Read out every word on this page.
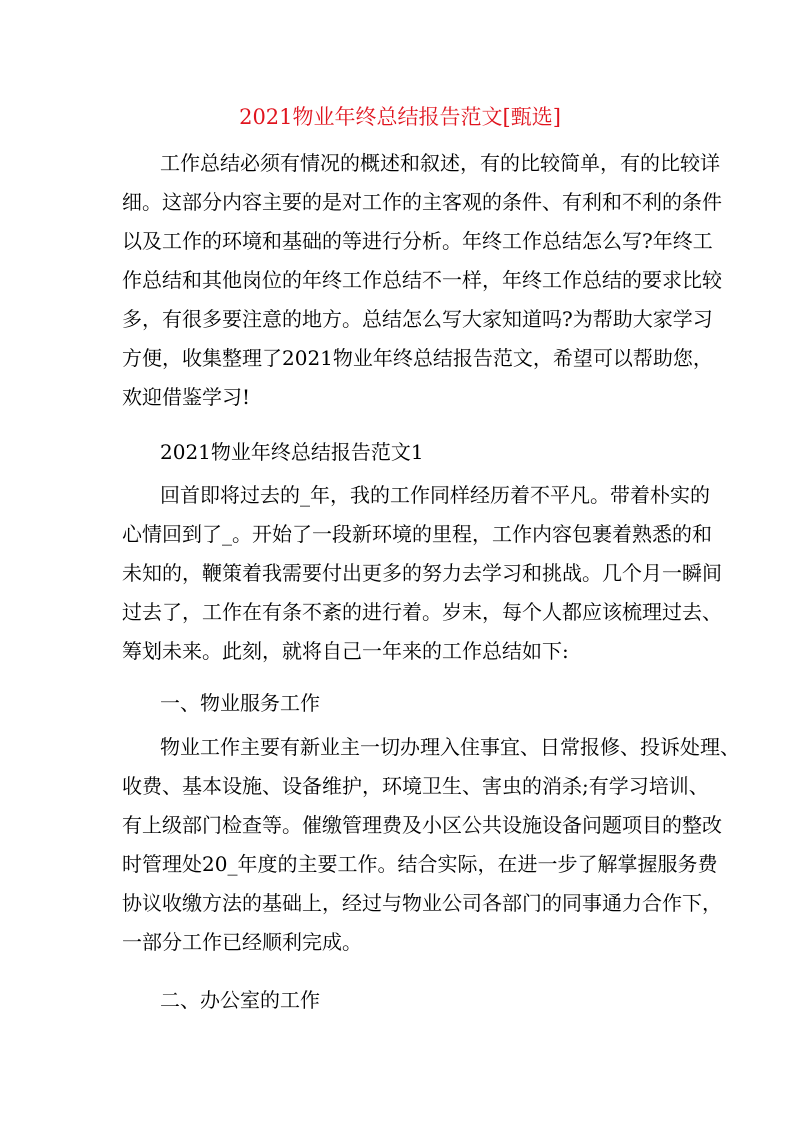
2021物业年终总结报告范文[甄选]

工作总结必须有情况的概述和叙述，有的比较简单，有的比较详

细。这部分内容主要的是对工作的主客观的条件、有利和不利的条件

以及工作的环境和基础的等进行分析。年终工作总结怎么写?年终工

作总结和其他岗位的年终工作总结不一样，年终工作总结的要求比较

多，有很多要注意的地方。总结怎么写大家知道吗?为帮助大家学习

方便，收集整理了2021物业年终总结报告范文，希望可以帮助您，

欢迎借鉴学习!

2021物业年终总结报告范文1

回首即将过去的_年，我的工作同样经历着不平凡。带着朴实的

心情回到了_。开始了一段新环境的里程，工作内容包裹着熟悉的和

未知的，鞭策着我需要付出更多的努力去学习和挑战。几个月一瞬间

过去了，工作在有条不紊的进行着。岁末，每个人都应该梳理过去、

筹划未来。此刻，就将自己一年来的工作总结如下:

一、物业服务工作

物业工作主要有新业主一切办理入住事宜、日常报修、投诉处理、

收费、基本设施、设备维护，环境卫生、害虫的消杀;有学习培训、

有上级部门检查等。催缴管理费及小区公共设施设备问题项目的整改

时管理处20_年度的主要工作。结合实际，在进一步了解掌握服务费

协议收缴方法的基础上，经过与物业公司各部门的同事通力合作下，

一部分工作已经顺利完成。

二、办公室的工作
